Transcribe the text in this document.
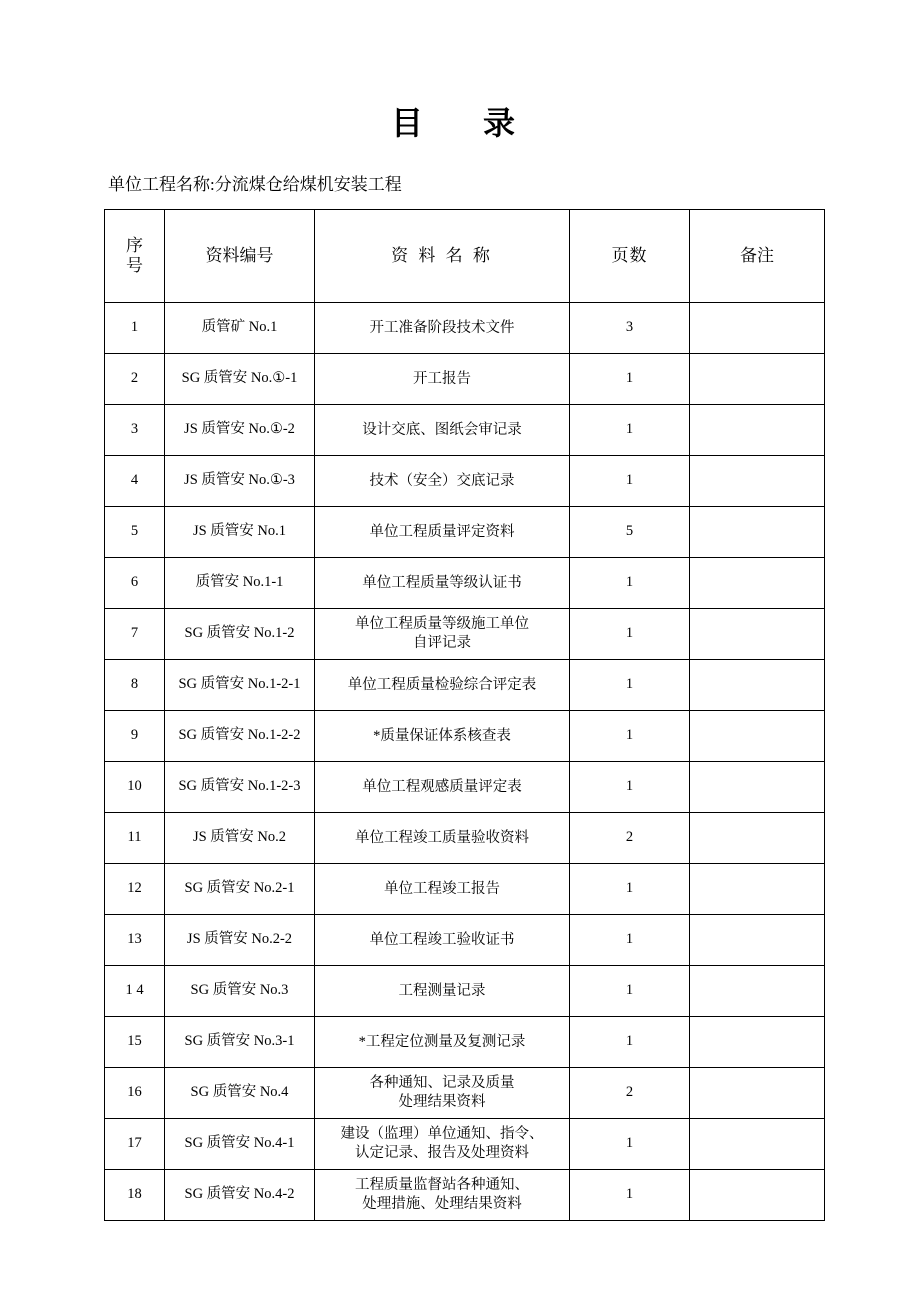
目　录
单位工程名称:分流煤仓给煤机安装工程
序
号	资料编号	资 料 名 称	页数	备注
1	质管矿 No.1	开工准备阶段技术文件	3	
2	SG 质管安 No.①-1	开工报告	1	
3	JS 质管安 No.①-2	设计交底、图纸会审记录	1	
4	JS 质管安 No.①-3	技术（安全）交底记录	1	
5	JS 质管安 No.1	单位工程质量评定资料	5	
6	质管安 No.1-1	单位工程质量等级认证书	1	
7	SG 质管安 No.1-2	单位工程质量等级施工单位
自评记录	1	
8	SG 质管安 No.1-2-1	单位工程质量检验综合评定表	1	
9	SG 质管安 No.1-2-2	*质量保证体系核查表	1	
10	SG 质管安 No.1-2-3	单位工程观感质量评定表	1	
11	JS 质管安 No.2	单位工程竣工质量验收资料	2	
12	SG 质管安 No.2-1	单位工程竣工报告	1	
13	JS 质管安 No.2-2	单位工程竣工验收证书	1	
1 4	SG 质管安 No.3	工程测量记录	1	
15	SG 质管安 No.3-1	*工程定位测量及复测记录	1	
16	SG 质管安 No.4	各种通知、记录及质量
处理结果资料	2	
17	SG 质管安 No.4-1	建设（监理）单位通知、指令、
认定记录、报告及处理资料	1	
18	SG 质管安 No.4-2	工程质量监督站各种通知、
处理措施、处理结果资料	1	
